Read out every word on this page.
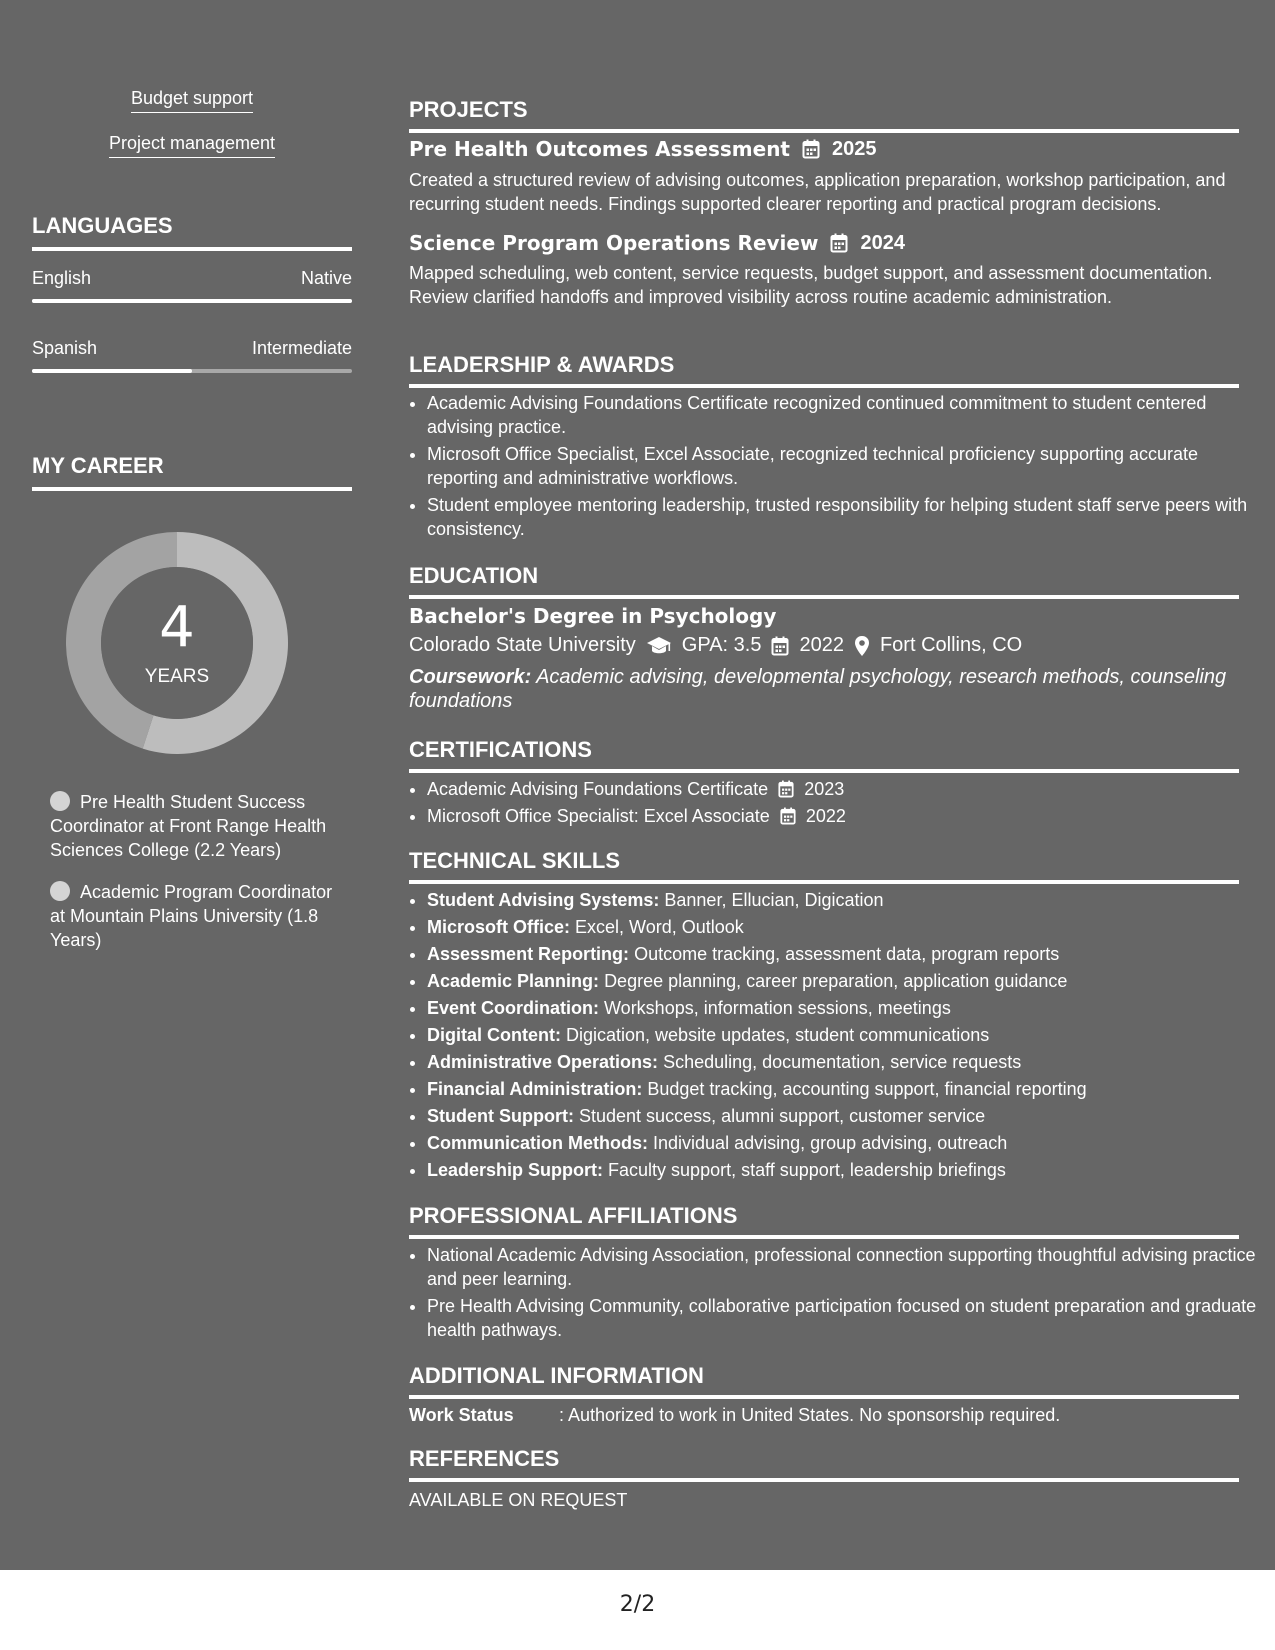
Budget support
Project management
LANGUAGES
English	Native
Spanish	Intermediate
MY CAREER
4
YEARS
Pre Health Student Success Coordinator at Front Range Health Sciences College (2.2 Years)
Academic Program Coordinator at Mountain Plains University (1.8 Years)
PROJECTS
Pre Health Outcomes Assessment 2025
Created a structured review of advising outcomes, application preparation, workshop participation, and recurring student needs. Findings supported clearer reporting and practical program decisions.
Science Program Operations Review 2024
Mapped scheduling, web content, service requests, budget support, and assessment documentation. Review clarified handoffs and improved visibility across routine academic administration.
LEADERSHIP & AWARDS
• Academic Advising Foundations Certificate recognized continued commitment to student centered advising practice.
• Microsoft Office Specialist, Excel Associate, recognized technical proficiency supporting accurate reporting and administrative workflows.
• Student employee mentoring leadership, trusted responsibility for helping student staff serve peers with consistency.
EDUCATION
Bachelor's Degree in Psychology
Colorado State University GPA: 3.5 2022 Fort Collins, CO
Coursework: Academic advising, developmental psychology, research methods, counseling foundations
CERTIFICATIONS
• Academic Advising Foundations Certificate 2023
• Microsoft Office Specialist: Excel Associate 2022
TECHNICAL SKILLS
• Student Advising Systems: Banner, Ellucian, Digication
• Microsoft Office: Excel, Word, Outlook
• Assessment Reporting: Outcome tracking, assessment data, program reports
• Academic Planning: Degree planning, career preparation, application guidance
• Event Coordination: Workshops, information sessions, meetings
• Digital Content: Digication, website updates, student communications
• Administrative Operations: Scheduling, documentation, service requests
• Financial Administration: Budget tracking, accounting support, financial reporting
• Student Support: Student success, alumni support, customer service
• Communication Methods: Individual advising, group advising, outreach
• Leadership Support: Faculty support, staff support, leadership briefings
PROFESSIONAL AFFILIATIONS
• National Academic Advising Association, professional connection supporting thoughtful advising practice and peer learning.
• Pre Health Advising Community, collaborative participation focused on student preparation and graduate health pathways.
ADDITIONAL INFORMATION
Work Status	: Authorized to work in United States. No sponsorship required.
REFERENCES
AVAILABLE ON REQUEST
2/2
